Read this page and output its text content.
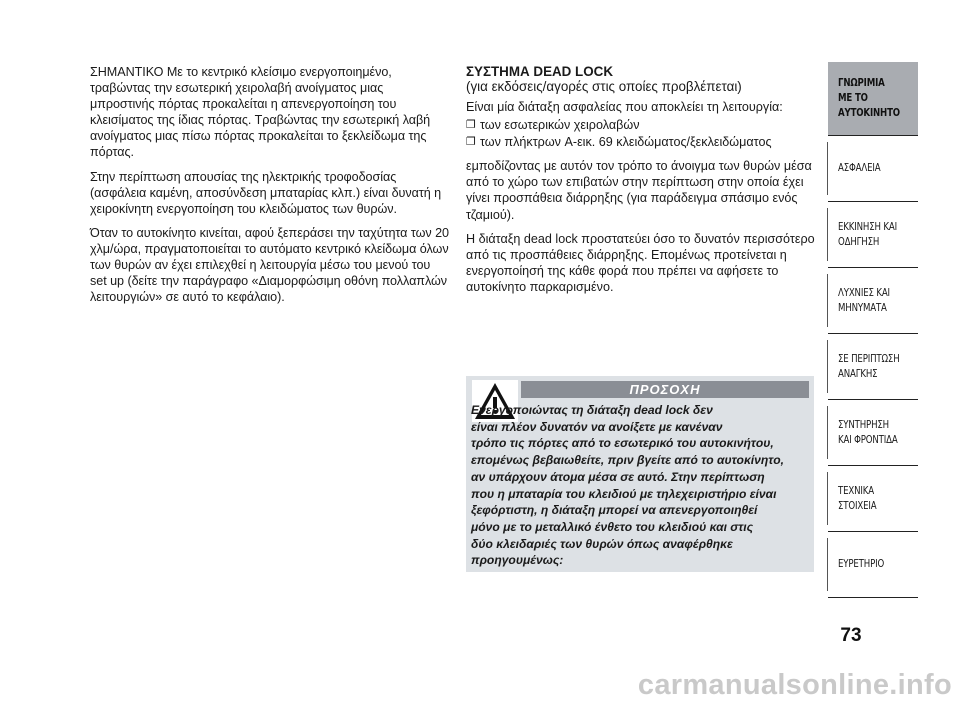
ΣΗΜΑΝΤΙΚΟ Με το κεντρικό κλείσιμο ενεργοποιημένο, τραβώντας την εσωτερική χειρολαβή ανοίγματος μιας μπροστινής πόρτας προκαλείται η απενεργοποίηση του κλεισίματος της ίδιας πόρτας. Τραβώντας την εσωτερική λαβή ανοίγματος μιας πίσω πόρτας προκαλείται το ξεκλείδωμα της πόρτας.

Στην περίπτωση απουσίας της ηλεκτρικής τροφοδοσίας (ασφάλεια καμένη, αποσύνδεση μπαταρίας κλπ.) είναι δυνατή η χειροκίνητη ενεργοποίηση του κλειδώματος των θυρών.

Όταν το αυτοκίνητο κινείται, αφού ξεπεράσει την ταχύτητα των 20 χλμ/ώρα, πραγματοποιείται το αυτόματο κεντρικό κλείδωμα όλων των θυρών αν έχει επιλεχθεί η λειτουργία μέσω του μενού του set up (δείτε την παράγραφο «Διαμορφώσιμη οθόνη πολλαπλών λειτουργιών» σε αυτό το κεφάλαιο).

ΣΥΣΤΗΜΑ DEAD LOCK
(για εκδόσεις/αγορές στις οποίες προβλέπεται)

Είναι μία διάταξη ασφαλείας που αποκλείει τη λειτουργία:

❐ των εσωτερικών χειρολαβών
❐ των πλήκτρων A-εικ. 69 κλειδώματος/ξεκλειδώματος

εμποδίζοντας με αυτόν τον τρόπο το άνοιγμα των θυρών μέσα από το χώρο των επιβατών στην περίπτωση στην οποία έχει γίνει προσπάθεια διάρρηξης (για παράδειγμα σπάσιμο ενός τζαμιού).

Η διάταξη dead lock προστατεύει όσο το δυνατόν περισσότερο από τις προσπάθειες διάρρηξης. Επομένως προτείνεται η ενεργοποίησή της κάθε φορά που πρέπει να αφήσετε το αυτοκίνητο παρκαρισμένο.

ΠΡΟΣΟΧΗ
Ενεργοποιώντας τη διάταξη dead lock δεν
είναι πλέον δυνατόν να ανοίξετε με κανέναν
τρόπο τις πόρτες από το εσωτερικό του αυτοκινήτου,
επομένως βεβαιωθείτε, πριν βγείτε από το αυτοκίνητο,
αν υπάρχουν άτομα μέσα σε αυτό. Στην περίπτωση
που η μπαταρία του κλειδιού με τηλεχειριστήριο είναι
ξεφόρτιστη, η διάταξη μπορεί να απενεργοποιηθεί
μόνο με το μεταλλικό ένθετο του κλειδιού και στις
δύο κλειδαριές των θυρών όπως αναφέρθηκε
προηγουμένως:
ΓΝΩΡΙΜΙΑ
ΜΕ ΤΟ
ΑΥΤΟΚΙΝΗΤΟ
ΑΣΦΑΛΕΙΑ
ΕΚΚΙΝΗΣΗ ΚΑΙ
ΟΔΗΓΗΣΗ
ΛΥΧΝΙΕΣ ΚΑΙ
ΜΗΝΥΜΑΤΑ
ΣΕ ΠΕΡΙΠΤΩΣΗ
ΑΝΑΓΚΗΣ
ΣΥΝΤΗΡΗΣΗ
ΚΑΙ ΦΡΟΝΤΙΔΑ
ΤΕΧΝΙΚΑ
ΣΤΟΙΧΕΙΑ
ΕΥΡΕΤΗΡΙΟ
73
carmanualsonline.info
